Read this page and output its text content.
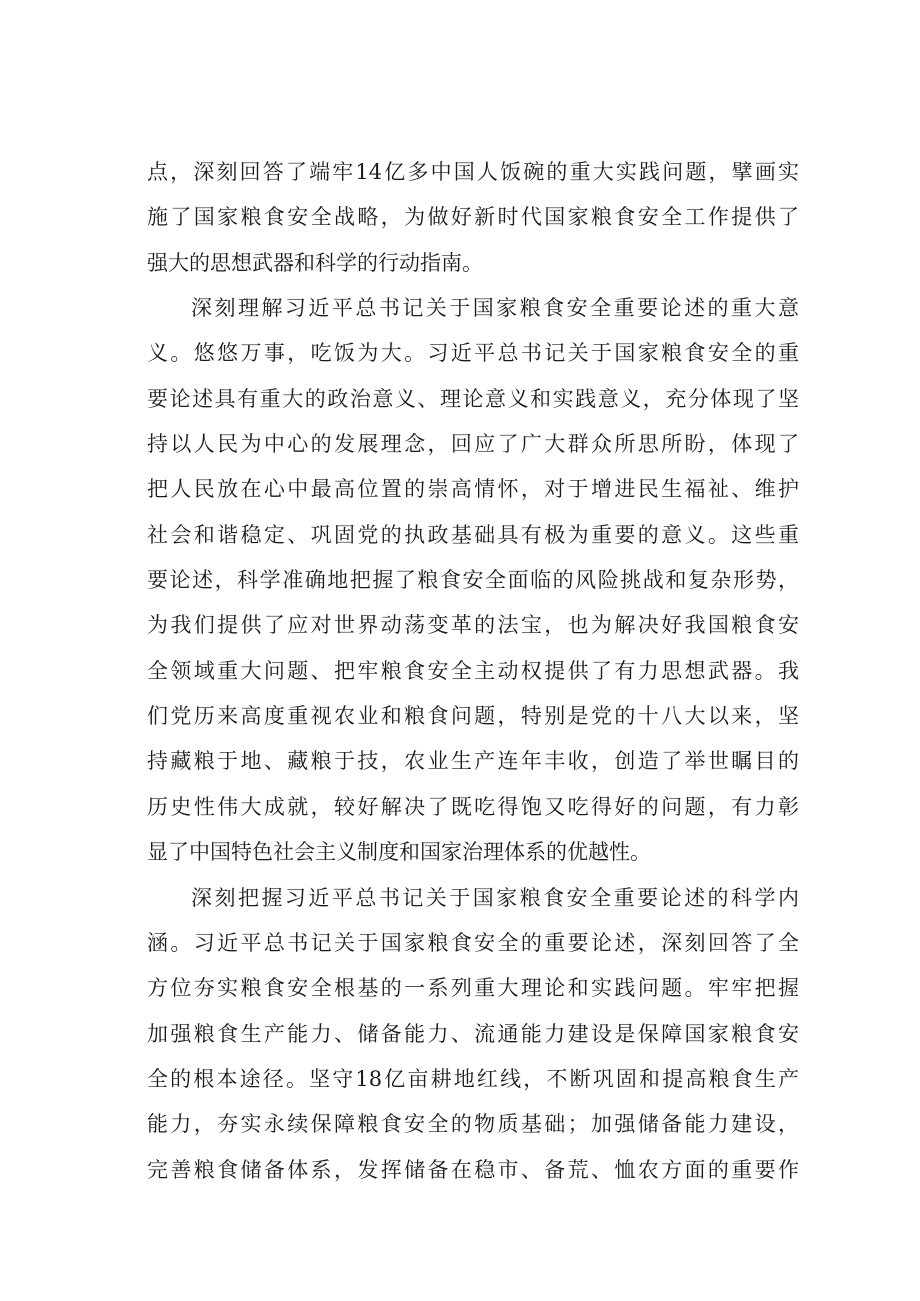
点，深刻回答了端牢14亿多中国人饭碗的重大实践问题，擘画实
施了国家粮食安全战略，为做好新时代国家粮食安全工作提供了
强大的思想武器和科学的行动指南。
深刻理解习近平总书记关于国家粮食安全重要论述的重大意
义。悠悠万事，吃饭为大。习近平总书记关于国家粮食安全的重
要论述具有重大的政治意义、理论意义和实践意义，充分体现了坚
持以人民为中心的发展理念，回应了广大群众所思所盼，体现了
把人民放在心中最高位置的崇高情怀，对于增进民生福祉、维护
社会和谐稳定、巩固党的执政基础具有极为重要的意义。这些重
要论述，科学准确地把握了粮食安全面临的风险挑战和复杂形势，
为我们提供了应对世界动荡变革的法宝，也为解决好我国粮食安
全领域重大问题、把牢粮食安全主动权提供了有力思想武器。我
们党历来高度重视农业和粮食问题，特别是党的十八大以来，坚
持藏粮于地、藏粮于技，农业生产连年丰收，创造了举世瞩目的
历史性伟大成就，较好解决了既吃得饱又吃得好的问题，有力彰
显了中国特色社会主义制度和国家治理体系的优越性。
深刻把握习近平总书记关于国家粮食安全重要论述的科学内
涵。习近平总书记关于国家粮食安全的重要论述，深刻回答了全
方位夯实粮食安全根基的一系列重大理论和实践问题。牢牢把握
加强粮食生产能力、储备能力、流通能力建设是保障国家粮食安
全的根本途径。坚守18亿亩耕地红线，不断巩固和提高粮食生产
能力，夯实永续保障粮食安全的物质基础；加强储备能力建设，
完善粮食储备体系，发挥储备在稳市、备荒、恤农方面的重要作
